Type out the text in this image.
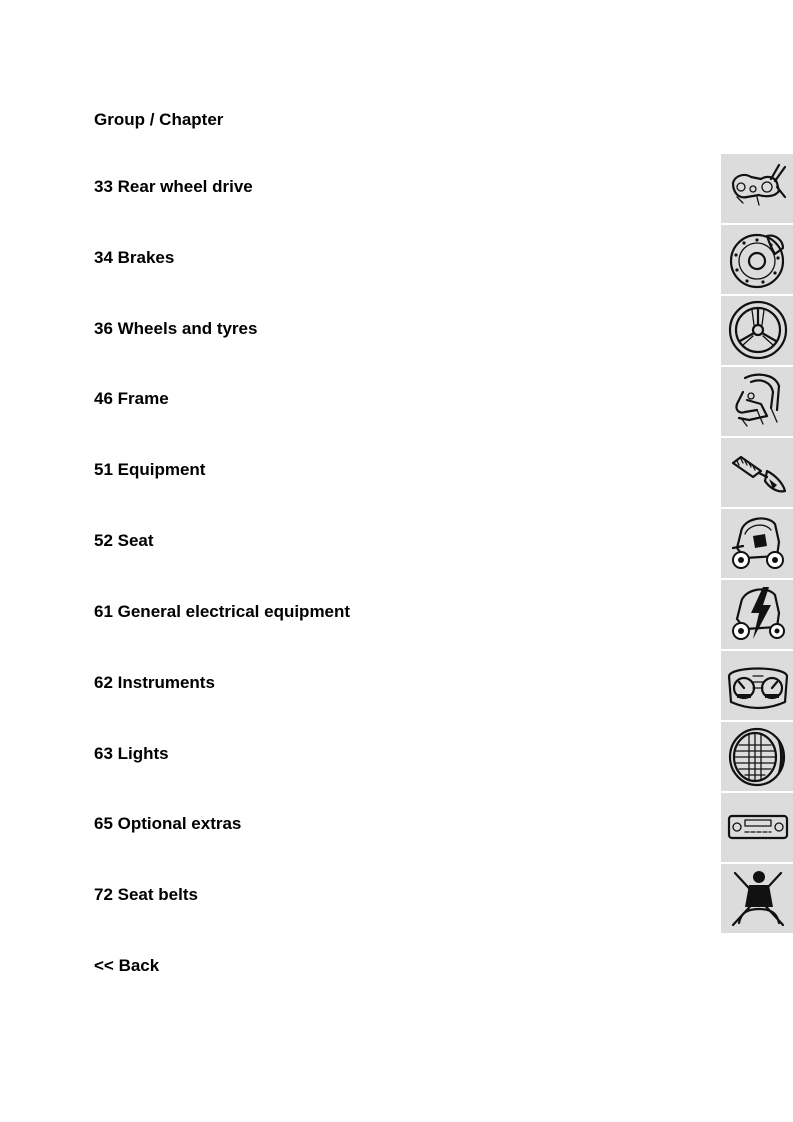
Group / Chapter
33 Rear wheel drive
34 Brakes
36 Wheels and tyres
46 Frame
51 Equipment
52 Seat
61 General electrical equipment
62 Instruments
63 Lights
65 Optional extras
72 Seat belts
<< Back
